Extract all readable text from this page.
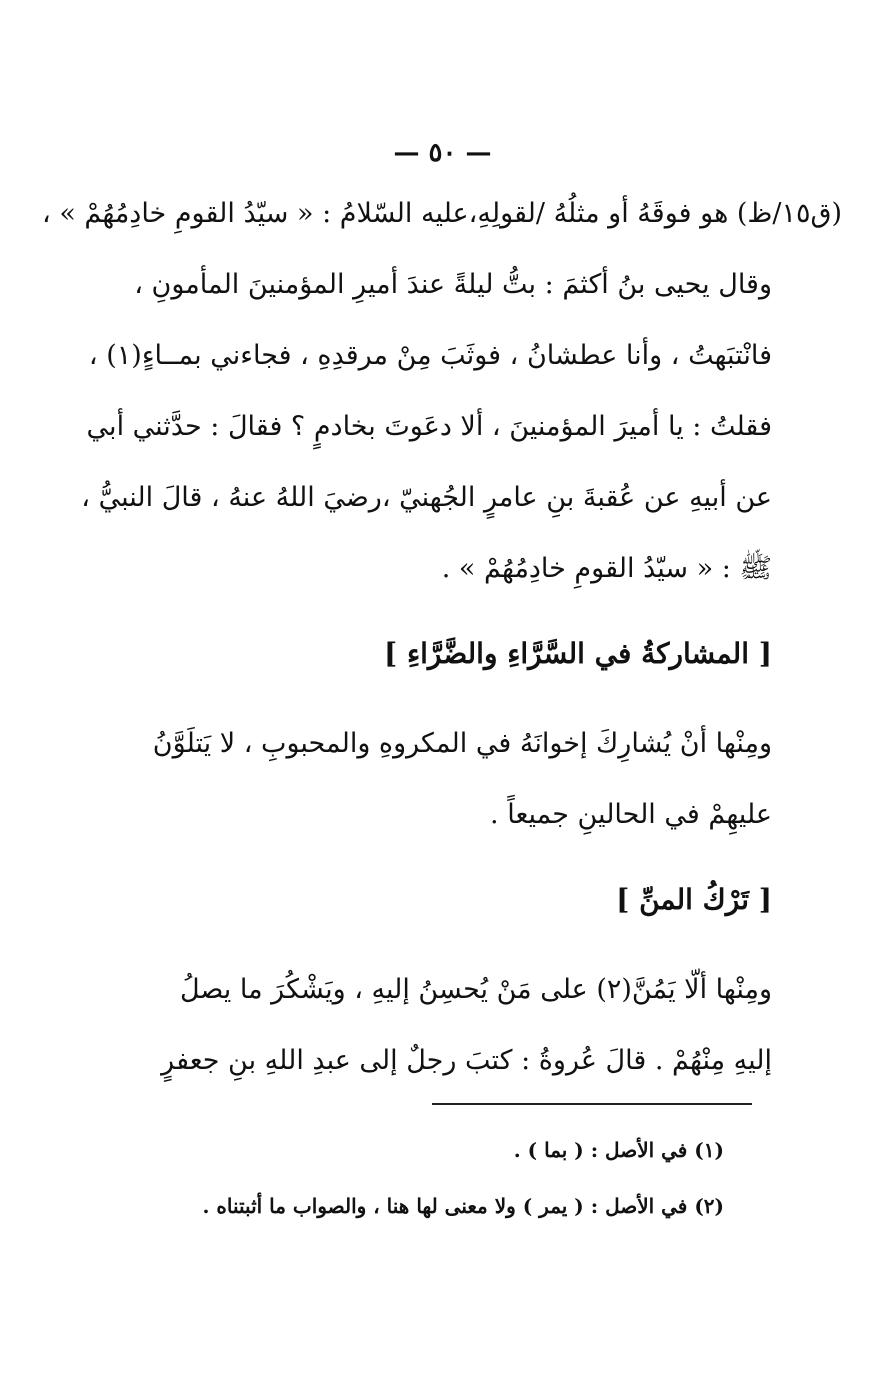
— ٥٠ —
(ق١٥/ظ) هو فوقَهُ أو مثلُهُ /لقولِهِ،عليه السّلامُ : « سيّدُ القومِ خادِمُهُمْ » ،
وقال يحيى بنُ أكثمَ : بتُّ ليلةً عندَ أميرِ المؤمنينَ المأمونِ ،
فانْتبَهتُ ، وأنا عطشانُ ، فوثَبَ مِنْ مرقدِهِ ، فجاءني بمــاءٍ(١) ،
فقلتُ : يا أميرَ المؤمنينَ ، ألا دعَوتَ بخادمٍ ؟ فقالَ : حدَّثني أبي
عن أبيهِ عن عُقبةَ بنِ عامرٍ الجُهنيّ ،رضيَ اللهُ عنهُ ، قالَ النبيُّ ،
ﷺ : « سيّدُ القومِ خادِمُهُمْ » .
[ المشاركةُ في السَّرَّاءِ والضَّرَّاءِ ]
ومِنْها أنْ يُشارِكَ إخوانَهُ في المكروهِ والمحبوبِ ، لا يَتلَوَّنُ
عليهِمْ في الحالينِ جميعاً .
[ تَرْكُ المنِّ ]
ومِنْها ألّا يَمُنَّ(٢) على مَنْ يُحسِنُ إليهِ ، ويَشْكُرَ ما يصلُ
إليهِ مِنْهُمْ . قالَ عُروةُ : كتبَ رجلٌ إلى عبدِ اللهِ بنِ جعفرٍ
(١) في الأصل : ( بما ) .
(٢) في الأصل : ( يمر ) ولا معنى لها هنا ، والصواب ما أثبتناه .
